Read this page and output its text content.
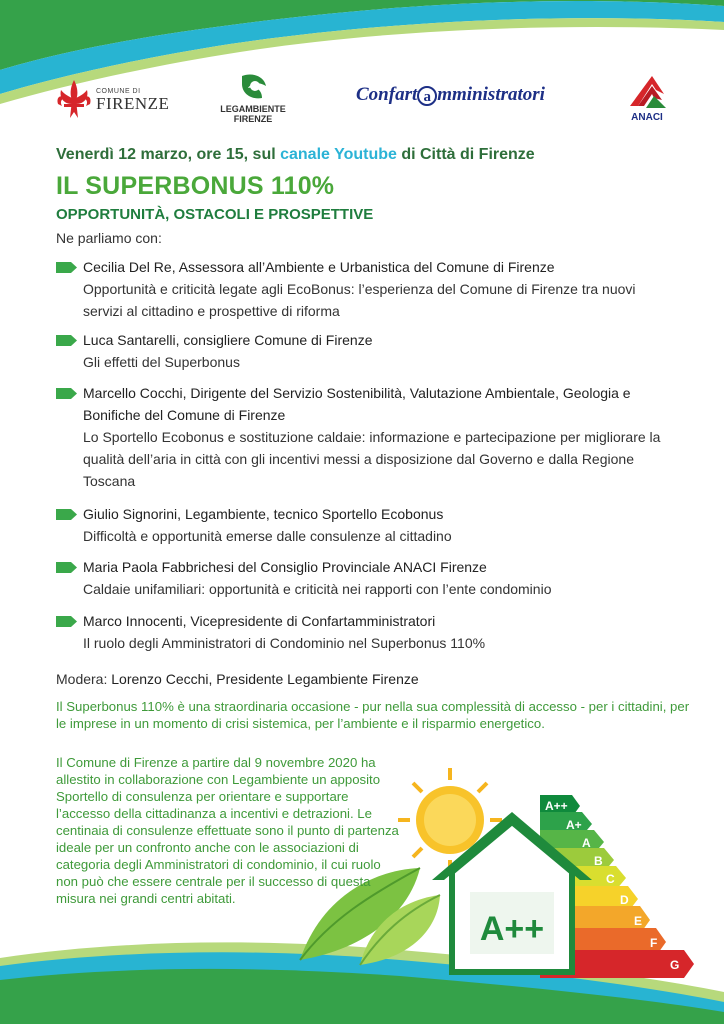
A++
A+
A
B
C
D
E
F
G
A++
COMUNE DI
FIRENZE	LEGAMBIENTE
FIRENZE
Confart a mministratori
ANACI
Venerdì 12 marzo, ore 15, sul canale Youtube di Città di Firenze
IL SUPERBONUS 110%
OPPORTUNITÀ, OSTACOLI E PROSPETTIVE
Ne parliamo con:
Cecilia Del Re, Assessora all’Ambiente e Urbanistica del Comune di Firenze
Opportunità e criticità legate agli EcoBonus: l’esperienza del Comune di Firenze tra nuovi servizi al cittadino e prospettive di riforma
Luca Santarelli, consigliere Comune di Firenze
Gli effetti del Superbonus
Marcello Cocchi, Dirigente del Servizio Sostenibilità, Valutazione Ambientale, Geologia e Bonifiche del Comune di Firenze
Lo Sportello Ecobonus e sostituzione caldaie: informazione e partecipazione per migliorare la qualità dell’aria in città con gli incentivi messi a disposizione dal Governo e dalla Regione Toscana
Giulio Signorini, Legambiente, tecnico Sportello Ecobonus
Difficoltà e opportunità emerse dalle consulenze al cittadino
Maria Paola Fabbrichesi del Consiglio Provinciale ANACI Firenze
Caldaie unifamiliari: opportunità e criticità nei rapporti con l’ente condominio
Marco Innocenti, Vicepresidente di Confartamministratori
Il ruolo degli Amministratori di Condominio nel Superbonus 110%
Modera: Lorenzo Cecchi, Presidente Legambiente Firenze
Il Superbonus 110% è una straordinaria occasione - pur nella sua complessità di accesso - per i cittadini, per le imprese in un momento di crisi sistemica, per l’ambiente e il risparmio energetico.
Il Comune di Firenze a partire dal 9 novembre 2020 ha allestito in collaborazione con Legambiente un apposito Sportello di consulenza per orientare e supportare l’accesso della cittadinanza a incentivi e detrazioni. Le centinaia di consulenze effettuate sono il punto di partenza ideale per un confronto anche con le associazioni di categoria degli Amministratori di condominio, il cui ruolo non può che essere centrale per il successo di questa misura nei grandi centri abitati.
